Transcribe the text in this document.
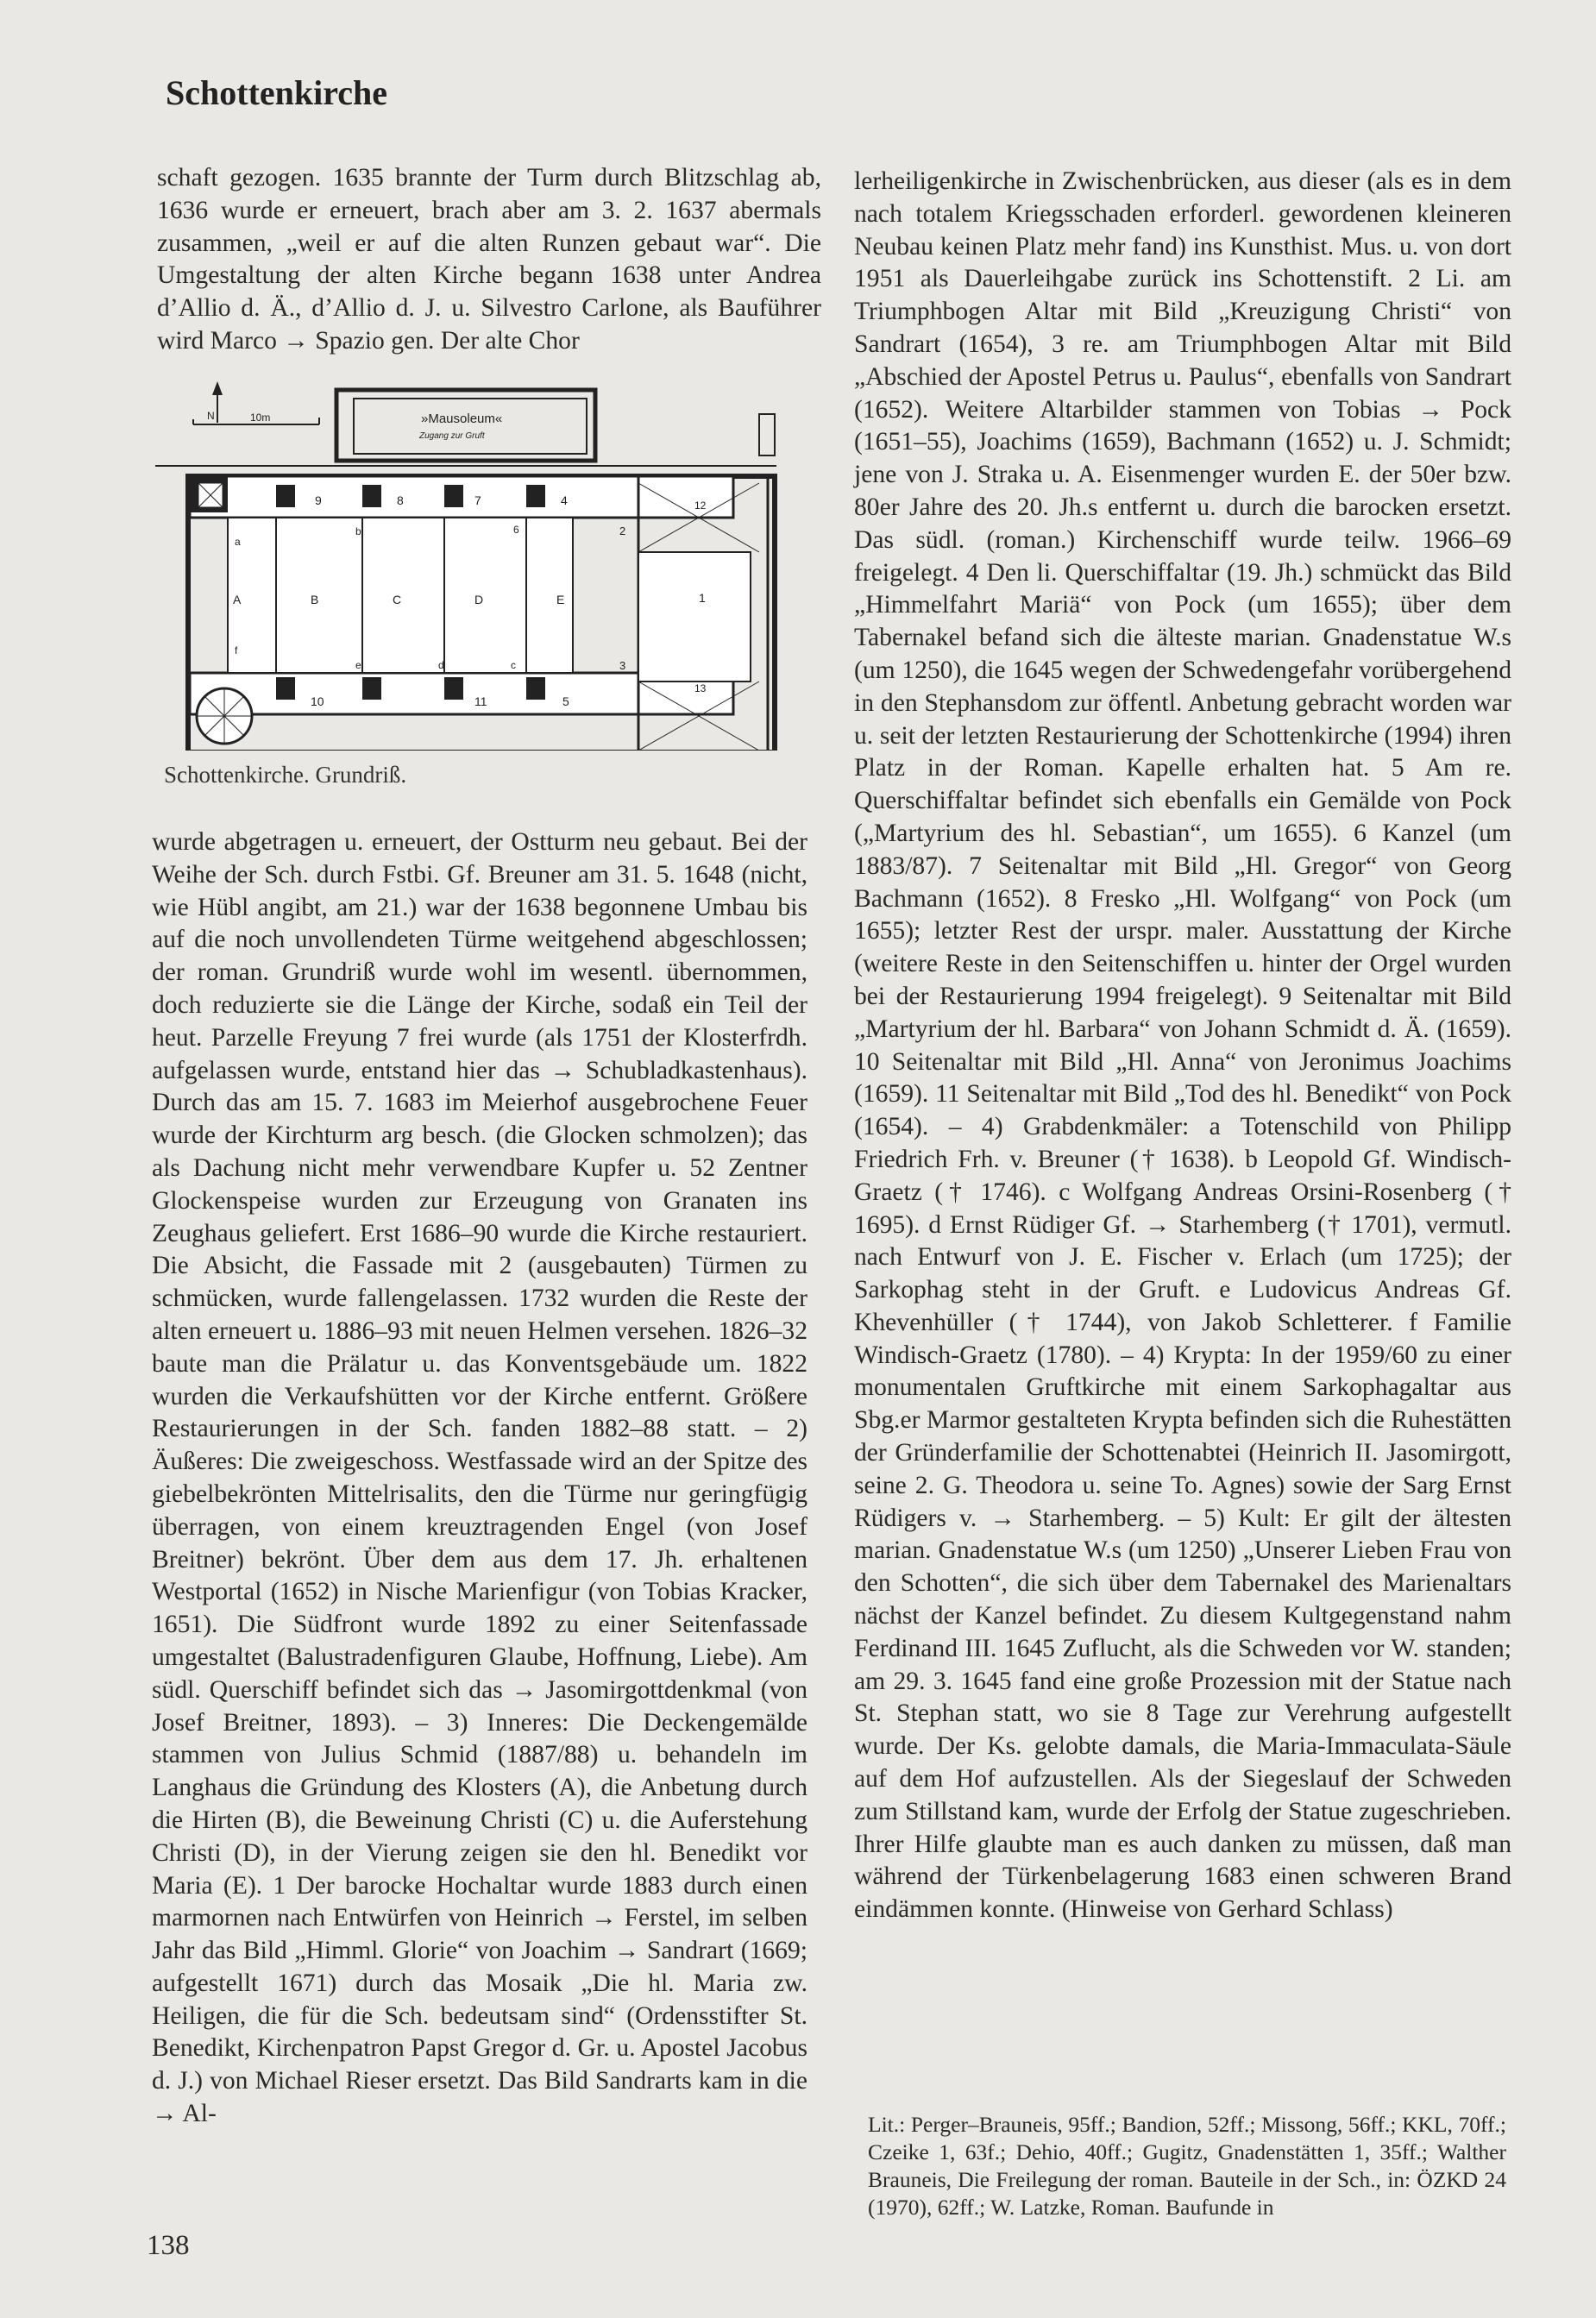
Schottenkirche

schaft gezogen. 1635 brannte der Turm durch Blitzschlag ab, 1636 wurde er erneuert, brach aber am 3. 2. 1637 abermals zusammen, „weil er auf die alten Runzen gebaut war“. Die Umgestaltung der alten Kirche begann 1638 unter Andrea d’Allio d. Ä., d’Allio d. J. u. Silvestro Carlone, als Bauführer wird Marco → Spazio gen. Der alte Chor

N	10m	»Mausoleum«
Zugang zur Gruft
9	8	7	4
2
1
3
10	11	5
12
13
6
A	B	C	D	E
a
b
c
d
e
f
Schottenkirche. Grundriß.

wurde abgetragen u. erneuert, der Ostturm neu gebaut. Bei der Weihe der Sch. durch Fstbi. Gf. Breuner am 31. 5. 1648 (nicht, wie Hübl angibt, am 21.) war der 1638 begonnene Umbau bis auf die noch unvollendeten Türme weitgehend abgeschlossen; der roman. Grundriß wurde wohl im wesentl. übernommen, doch reduzierte sie die Länge der Kirche, sodaß ein Teil der heut. Parzelle Freyung 7 frei wurde (als 1751 der Klosterfrdh. aufgelassen wurde, entstand hier das → Schubladkastenhaus). Durch das am 15. 7. 1683 im Meierhof ausgebrochene Feuer wurde der Kirchturm arg besch. (die Glocken schmolzen); das als Dachung nicht mehr verwendbare Kupfer u. 52 Zentner Glockenspeise wurden zur Erzeugung von Granaten ins Zeughaus geliefert. Erst 1686–90 wurde die Kirche restauriert. Die Absicht, die Fassade mit 2 (ausgebauten) Türmen zu schmücken, wurde fallengelassen. 1732 wurden die Reste der alten erneuert u. 1886–93 mit neuen Helmen versehen. 1826–32 baute man die Prälatur u. das Konventsgebäude um. 1822 wurden die Verkaufshütten vor der Kirche entfernt. Größere Restaurierungen in der Sch. fanden 1882–88 statt. – 2) Äußeres: Die zweigeschoss. Westfassade wird an der Spitze des giebelbekrönten Mittelrisalits, den die Türme nur geringfügig überragen, von einem kreuztragenden Engel (von Josef Breitner) bekrönt. Über dem aus dem 17. Jh. erhaltenen Westportal (1652) in Nische Marienfigur (von Tobias Kracker, 1651). Die Südfront wurde 1892 zu einer Seitenfassade umgestaltet (Balustradenfiguren Glaube, Hoffnung, Liebe). Am südl. Querschiff befindet sich das → Jasomirgottdenkmal (von Josef Breitner, 1893). – 3) Inneres: Die Deckengemälde stammen von Julius Schmid (1887/88) u. behandeln im Langhaus die Gründung des Klosters (A), die Anbetung durch die Hirten (B), die Beweinung Christi (C) u. die Auferstehung Christi (D), in der Vierung zeigen sie den hl. Benedikt vor Maria (E). 1 Der barocke Hochaltar wurde 1883 durch einen marmornen nach Entwürfen von Heinrich → Ferstel, im selben Jahr das Bild „Himml. Glorie“ von Joachim → Sandrart (1669; aufgestellt 1671) durch das Mosaik „Die hl. Maria zw. Heiligen, die für die Sch. bedeutsam sind“ (Ordensstifter St. Benedikt, Kirchenpatron Papst Gregor d. Gr. u. Apostel Jacobus d. J.) von Michael Rieser ersetzt. Das Bild Sandrarts kam in die → Al-

lerheiligenkirche in Zwischenbrücken, aus dieser (als es in dem nach totalem Kriegsschaden erforderl. gewordenen kleineren Neubau keinen Platz mehr fand) ins Kunsthist. Mus. u. von dort 1951 als Dauerleihgabe zurück ins Schottenstift. 2 Li. am Triumphbogen Altar mit Bild „Kreuzigung Christi“ von Sandrart (1654), 3 re. am Triumphbogen Altar mit Bild „Abschied der Apostel Petrus u. Paulus“, ebenfalls von Sandrart (1652). Weitere Altarbilder stammen von Tobias → Pock (1651–55), Joachims (1659), Bachmann (1652) u. J. Schmidt; jene von J. Straka u. A. Eisenmenger wurden E. der 50er bzw. 80er Jahre des 20. Jh.s entfernt u. durch die barocken ersetzt. Das südl. (roman.) Kirchenschiff wurde teilw. 1966–69 freigelegt. 4 Den li. Querschiffaltar (19. Jh.) schmückt das Bild „Himmelfahrt Mariä“ von Pock (um 1655); über dem Tabernakel befand sich die älteste marian. Gnadenstatue W.s (um 1250), die 1645 wegen der Schwedengefahr vorübergehend in den Stephansdom zur öffentl. Anbetung gebracht worden war u. seit der letzten Restaurierung der Schottenkirche (1994) ihren Platz in der Roman. Kapelle erhalten hat. 5 Am re. Querschiffaltar befindet sich ebenfalls ein Gemälde von Pock („Martyrium des hl. Sebastian“, um 1655). 6 Kanzel (um 1883/87). 7 Seitenaltar mit Bild „Hl. Gregor“ von Georg Bachmann (1652). 8 Fresko „Hl. Wolfgang“ von Pock (um 1655); letzter Rest der urspr. maler. Ausstattung der Kirche (weitere Reste in den Seitenschiffen u. hinter der Orgel wurden bei der Restaurierung 1994 freigelegt). 9 Seitenaltar mit Bild „Martyrium der hl. Barbara“ von Johann Schmidt d. Ä. (1659). 10 Seitenaltar mit Bild „Hl. Anna“ von Jeronimus Joachims (1659). 11 Seitenaltar mit Bild „Tod des hl. Benedikt“ von Pock (1654). – 4) Grabdenkmäler: a Totenschild von Philipp Friedrich Frh. v. Breuner († 1638). b Leopold Gf. Windisch-Graetz († 1746). c Wolfgang Andreas Orsini-Rosenberg († 1695). d Ernst Rüdiger Gf. → Starhemberg († 1701), vermutl. nach Entwurf von J. E. Fischer v. Erlach (um 1725); der Sarkophag steht in der Gruft. e Ludovicus Andreas Gf. Khevenhüller († 1744), von Jakob Schletterer. f Familie Windisch-Graetz (1780). – 4) Krypta: In der 1959/60 zu einer monumentalen Gruftkirche mit einem Sarkophagaltar aus Sbg.er Marmor gestalteten Krypta befinden sich die Ruhestätten der Gründerfamilie der Schottenabtei (Heinrich II. Jasomirgott, seine 2. G. Theodora u. seine To. Agnes) sowie der Sarg Ernst Rüdigers v. → Starhemberg. – 5) Kult: Er gilt der ältesten marian. Gnadenstatue W.s (um 1250) „Unserer Lieben Frau von den Schotten“, die sich über dem Tabernakel des Marienaltars nächst der Kanzel befindet. Zu diesem Kultgegenstand nahm Ferdinand III. 1645 Zuflucht, als die Schweden vor W. standen; am 29. 3. 1645 fand eine große Prozession mit der Statue nach St. Stephan statt, wo sie 8 Tage zur Verehrung aufgestellt wurde. Der Ks. gelobte damals, die Maria-Immaculata-Säule auf dem Hof aufzustellen. Als der Siegeslauf der Schweden zum Stillstand kam, wurde der Erfolg der Statue zugeschrieben. Ihrer Hilfe glaubte man es auch danken zu müssen, daß man während der Türkenbelagerung 1683 einen schweren Brand eindämmen konnte. (Hinweise von Gerhard Schlass)

Lit.: Perger–Brauneis, 95ff.; Bandion, 52ff.; Missong, 56ff.; KKL, 70ff.; Czeike 1, 63f.; Dehio, 40ff.; Gugitz, Gnadenstätten 1, 35ff.; Walther Brauneis, Die Freilegung der roman. Bauteile in der Sch., in: ÖZKD 24 (1970), 62ff.; W. Latzke, Roman. Baufunde in
138
